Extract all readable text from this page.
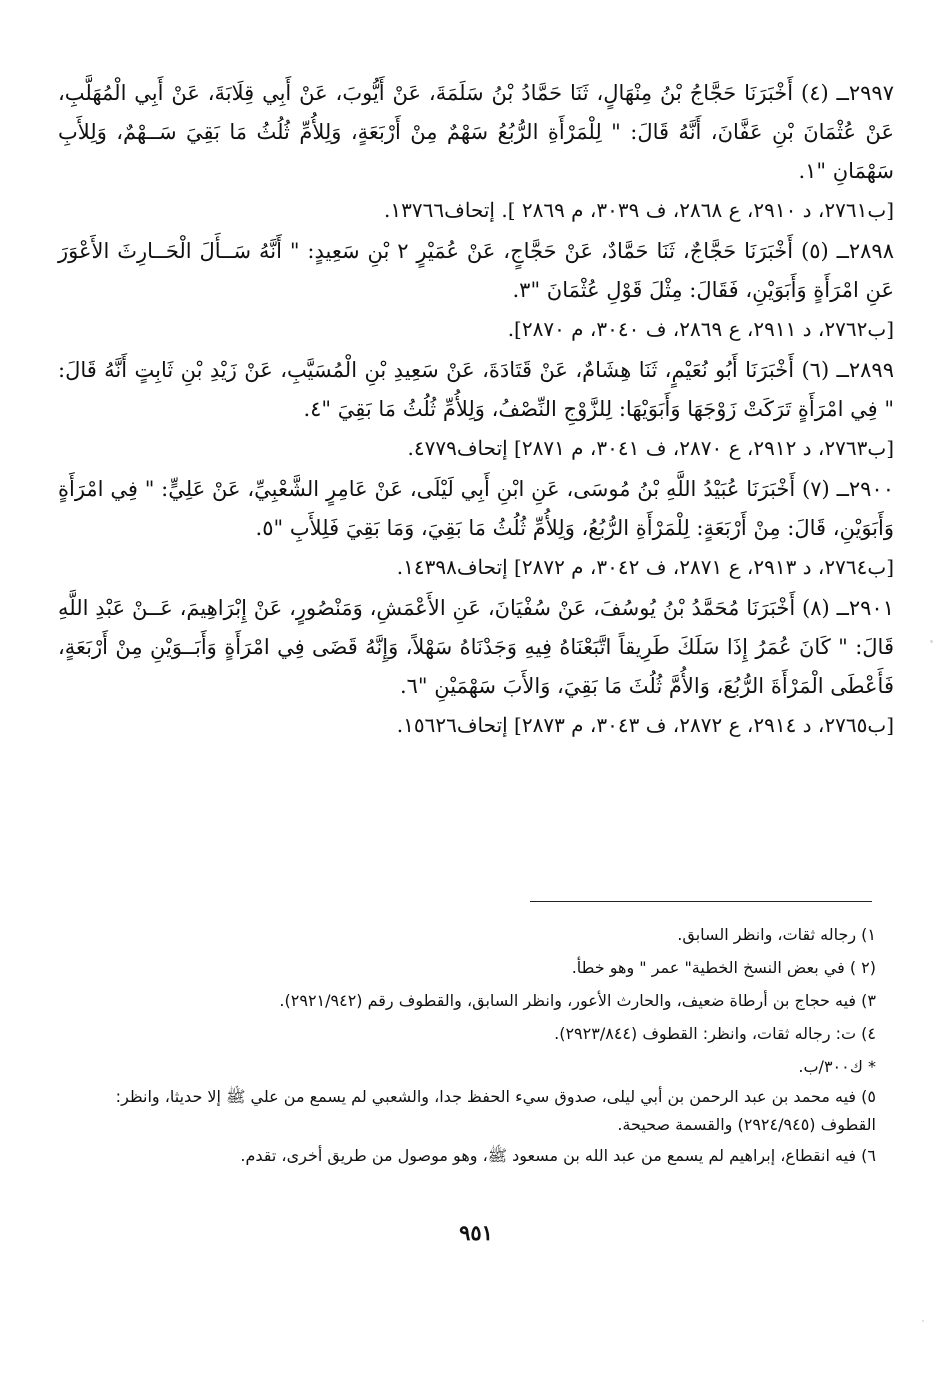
٢٩٩٧ــ (٤) أَخْبَرَنَا حَجَّاجُ بْنُ مِنْهَالٍ، ثَنَا حَمَّادُ بْنُ سَلَمَةَ، عَنْ أَيُّوبَ، عَنْ أَبِي قِلَابَةَ، عَنْ أَبِي الْمُهَلَّبِ، عَنْ عُثْمَانَ بْنِ عَفَّانَ، أَنَّهُ قَالَ: " لِلْمَرْأَةِ الرُّبُعُ سَهْمٌ مِنْ أَرْبَعَةٍ، وَلِلأُمِّ ثُلُثُ مَا بَقِيَ سَــهْمٌ، وَلِلأَبِ سَهْمَانِ "١.

[ب٢٧٦١، د ٢٩١٠، ع ٢٨٦٨، ف ٣٠٣٩، م ٢٨٦٩ ]. إتحاف١٣٧٦٦.

٢٨٩٨ــ (٥) أَخْبَرَنَا حَجَّاجٌ، ثَنَا حَمَّادٌ، عَنْ حَجَّاجٍ، عَنْ عُمَيْرٍ ٢ بْنِ سَعِيدٍ: " أَنَّهُ سَــأَلَ الْحَــارِثَ الأَعْوَرَ عَنِ امْرَأَةٍ وَأَبَوَيْنِ، فَقَالَ: مِثْلَ قَوْلِ عُثْمَانَ "٣.

[ب٢٧٦٢، د ٢٩١١، ع ٢٨٦٩، ف ٣٠٤٠، م ٢٨٧٠].

٢٨٩٩ــ (٦) أَخْبَرَنَا أَبُو نُعَيْمٍ، ثَنَا هِشَامٌ، عَنْ قَتَادَةَ، عَنْ سَعِيدِ بْنِ الْمُسَيَّبِ، عَنْ زَيْدِ بْنِ ثَابِتٍ أَنَّهُ قَالَ: " فِي امْرَأَةٍ تَرَكَتْ زَوْجَهَا وَأَبَوَيْهَا: لِلزَّوْجِ النِّصْفُ، وَلِلأُمِّ ثُلُثُ مَا بَقِيَ "٤.

[ب٢٧٦٣، د ٢٩١٢، ع ٢٨٧٠، ف ٣٠٤١، م ٢٨٧١] إتحاف٤٧٧٩.

٢٩٠٠ــ (٧) أَخْبَرَنَا عُبَيْدُ اللَّهِ بْنُ مُوسَى، عَنِ ابْنِ أَبِي لَيْلَى، عَنْ عَامِرٍ الشَّعْبِيِّ، عَنْ عَلِيٍّ: " فِي امْرَأَةٍ وَأَبَوَيْنِ، قَالَ: مِنْ أَرْبَعَةٍ: لِلْمَرْأَةِ الرُّبُعُ، وَلِلأُمِّ ثُلُثُ مَا بَقِيَ، وَمَا بَقِيَ فَلِلأَبِ "٥.

[ب٢٧٦٤، د ٢٩١٣، ع ٢٨٧١، ف ٣٠٤٢، م ٢٨٧٢] إتحاف١٤٣٩٨.

٢٩٠١ــ (٨) أَخْبَرَنَا مُحَمَّدُ بْنُ يُوسُفَ، عَنْ سُفْيَانَ، عَنِ الأَعْمَشِ، وَمَنْصُورٍ، عَنْ إِبْرَاهِيمَ، عَــنْ عَبْدِ اللَّهِ قَالَ: " كَانَ عُمَرُ إِذَا سَلَكَ طَرِيقاً اتَّبَعْنَاهُ فِيهِ وَجَدْنَاهُ سَهْلاً، وَإِنَّهُ قَضَى فِي امْرَأَةٍ وَأَبَــوَيْنِ مِنْ أَرْبَعَةٍ، فَأَعْطَى الْمَرْأَةَ الرُّبُعَ، وَالأُمَّ ثُلُثَ مَا بَقِيَ، وَالأَبَ سَهْمَيْنِ "٦.

[ب٢٧٦٥، د ٢٩١٤، ع ٢٨٧٢، ف ٣٠٤٣، م ٢٨٧٣] إتحاف١٥٦٢٦.

١) رجاله ثقات، وانظر السابق.

(٢ ) في بعض النسخ الخطية" عمر " وهو خطأ.

٣) فيه حجاج بن أرطاة ضعيف، والحارث الأعور، وانظر السابق، والقطوف رقم (٢٩٢١/٩٤٢).

٤) ت: رجاله ثقات، وانظر: القطوف (٢٩٢٣/٨٤٤).

* ك٣٠٠/ب.

٥) فيه محمد بن عبد الرحمن بن أبي ليلى، صدوق سيء الحفظ جدا، والشعبي لم يسمع من علي ﷺ إلا حديثا، وانظر: القطوف (٢٩٢٤/٩٤٥) والقسمة صحيحة.

٦) فيه انقطاع، إبراهيم لم يسمع من عبد الله بن مسعود ﷺ، وهو موصول من طريق أخرى، تقدم.

٩٥١
